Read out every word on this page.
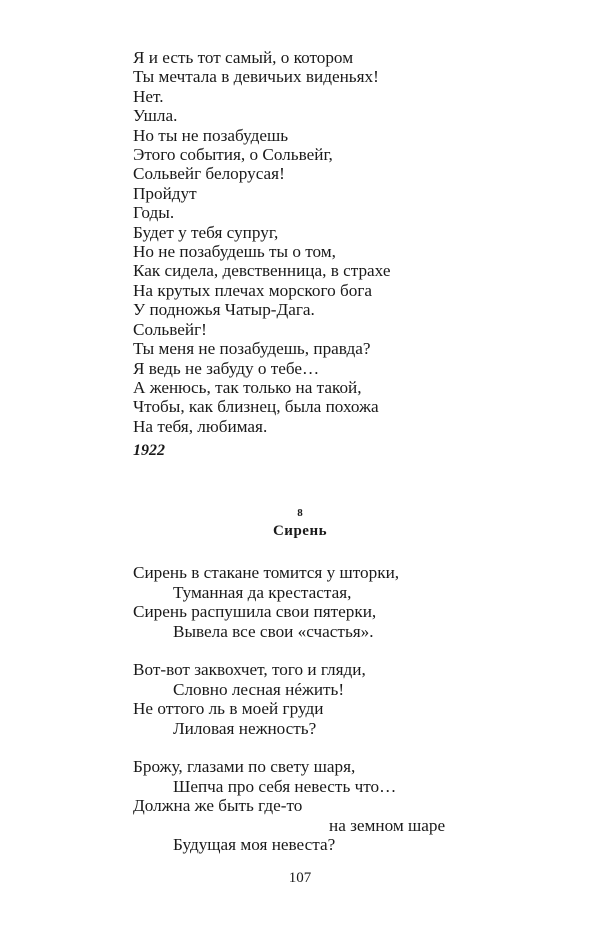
Я и есть тот самый, о котором
Ты мечтала в девичьих виденьях!
Нет.
Ушла.
Но ты не позабудешь
Этого события, о Сольвейг,
Сольвейг белорусая!
Пройдут
Годы.
Будет у тебя супруг,
Но не позабудешь ты о том,
Как сидела, девственница, в страхе
На крутых плечах морского бога
У подножья Чатыр-Дага.
Сольвейг!
Ты меня не позабудешь, правда?
Я ведь не забуду о тебе…
А женюсь, так только на такой,
Чтобы, как близнец, была похожа
На тебя, любимая.
1922
8
Сирень
Сирень в стакане томится у шторки,
Туманная да крестастая,
Сирень распушила свои пятерки,
Вывела все свои «счастья».
Вот-вот заквохчет, того и гляди,
Словно лесная нéжить!
Не оттого ль в моей груди
Лиловая нежность?
Брожу, глазами по свету шаря,
Шепча про себя невесть что…
Должна же быть где-то
на земном шаре
Будущая моя невеста?
107
